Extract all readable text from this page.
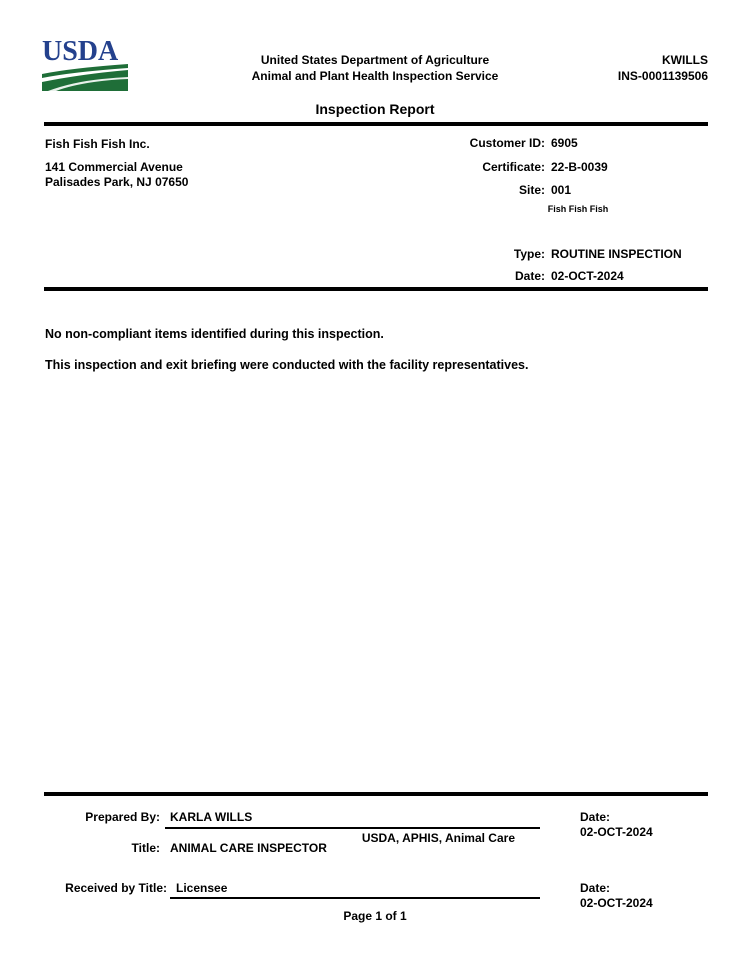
USDA	United States Department of Agriculture
Animal and Plant Health Inspection Service
KWILLS
INS-0001139506
Inspection Report
Fish Fish Fish Inc.
141 Commercial Avenue
Palisades Park, NJ 07650
Customer ID: 6905
Certificate: 22-B-0039
Site: 001
Fish Fish Fish
Type: ROUTINE INSPECTION
Date: 02-OCT-2024
No non-compliant items identified during this inspection.
This inspection and exit briefing were conducted with the facility representatives.
Prepared By: KARLA WILLS
USDA, APHIS, Animal Care
Title: ANIMAL CARE INSPECTOR
Date:
02-OCT-2024
Received by Title: Licensee	Date:
02-OCT-2024
Page 1 of 1
